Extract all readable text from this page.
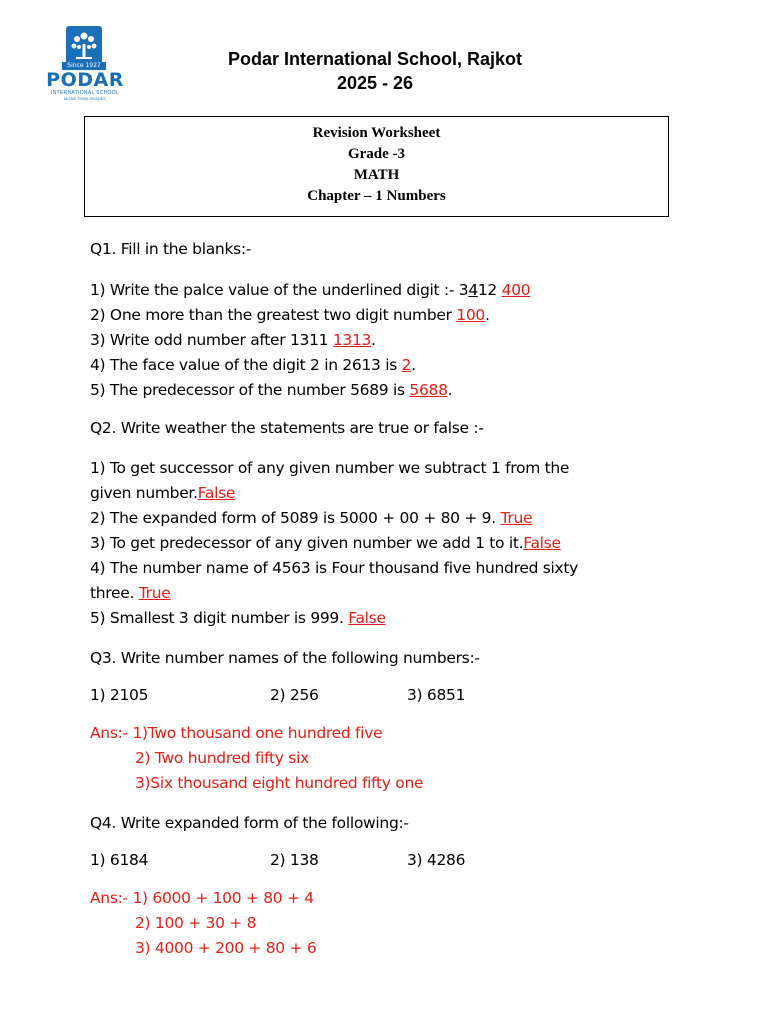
Since 1927
PODAR
INTERNATIONAL SCHOOL
MORE THAN GRADES
Podar International School, Rajkot
2025 - 26
Revision Worksheet
Grade -3
MATH
Chapter – 1 Numbers
Q1. Fill in the blanks:-
1) Write the palce value of the underlined digit :- 3412 400
2) One more than the greatest two digit number 100.
3) Write odd number after 1311 1313.
4) The face value of the digit 2 in 2613 is 2.
5) The predecessor of the number 5689 is 5688.
Q2. Write weather the statements are true or false :-
1) To get successor of any given number we subtract 1 from the
given number.False
2) The expanded form of 5089 is 5000 + 00 + 80 + 9. True
3) To get predecessor of any given number we add 1 to it.False
4) The number name of 4563 is Four thousand five hundred sixty
three. True
5) Smallest 3 digit number is 999. False
Q3. Write number names of the following numbers:-
1) 2105	2) 256	3) 6851
Ans:- 1)Two thousand one hundred five
2) Two hundred fifty six
3)Six thousand eight hundred fifty one
Q4. Write expanded form of the following:-
1) 6184	2) 138	3) 4286
Ans:- 1) 6000 + 100 + 80 + 4
2) 100 + 30 + 8
3) 4000 + 200 + 80 + 6
